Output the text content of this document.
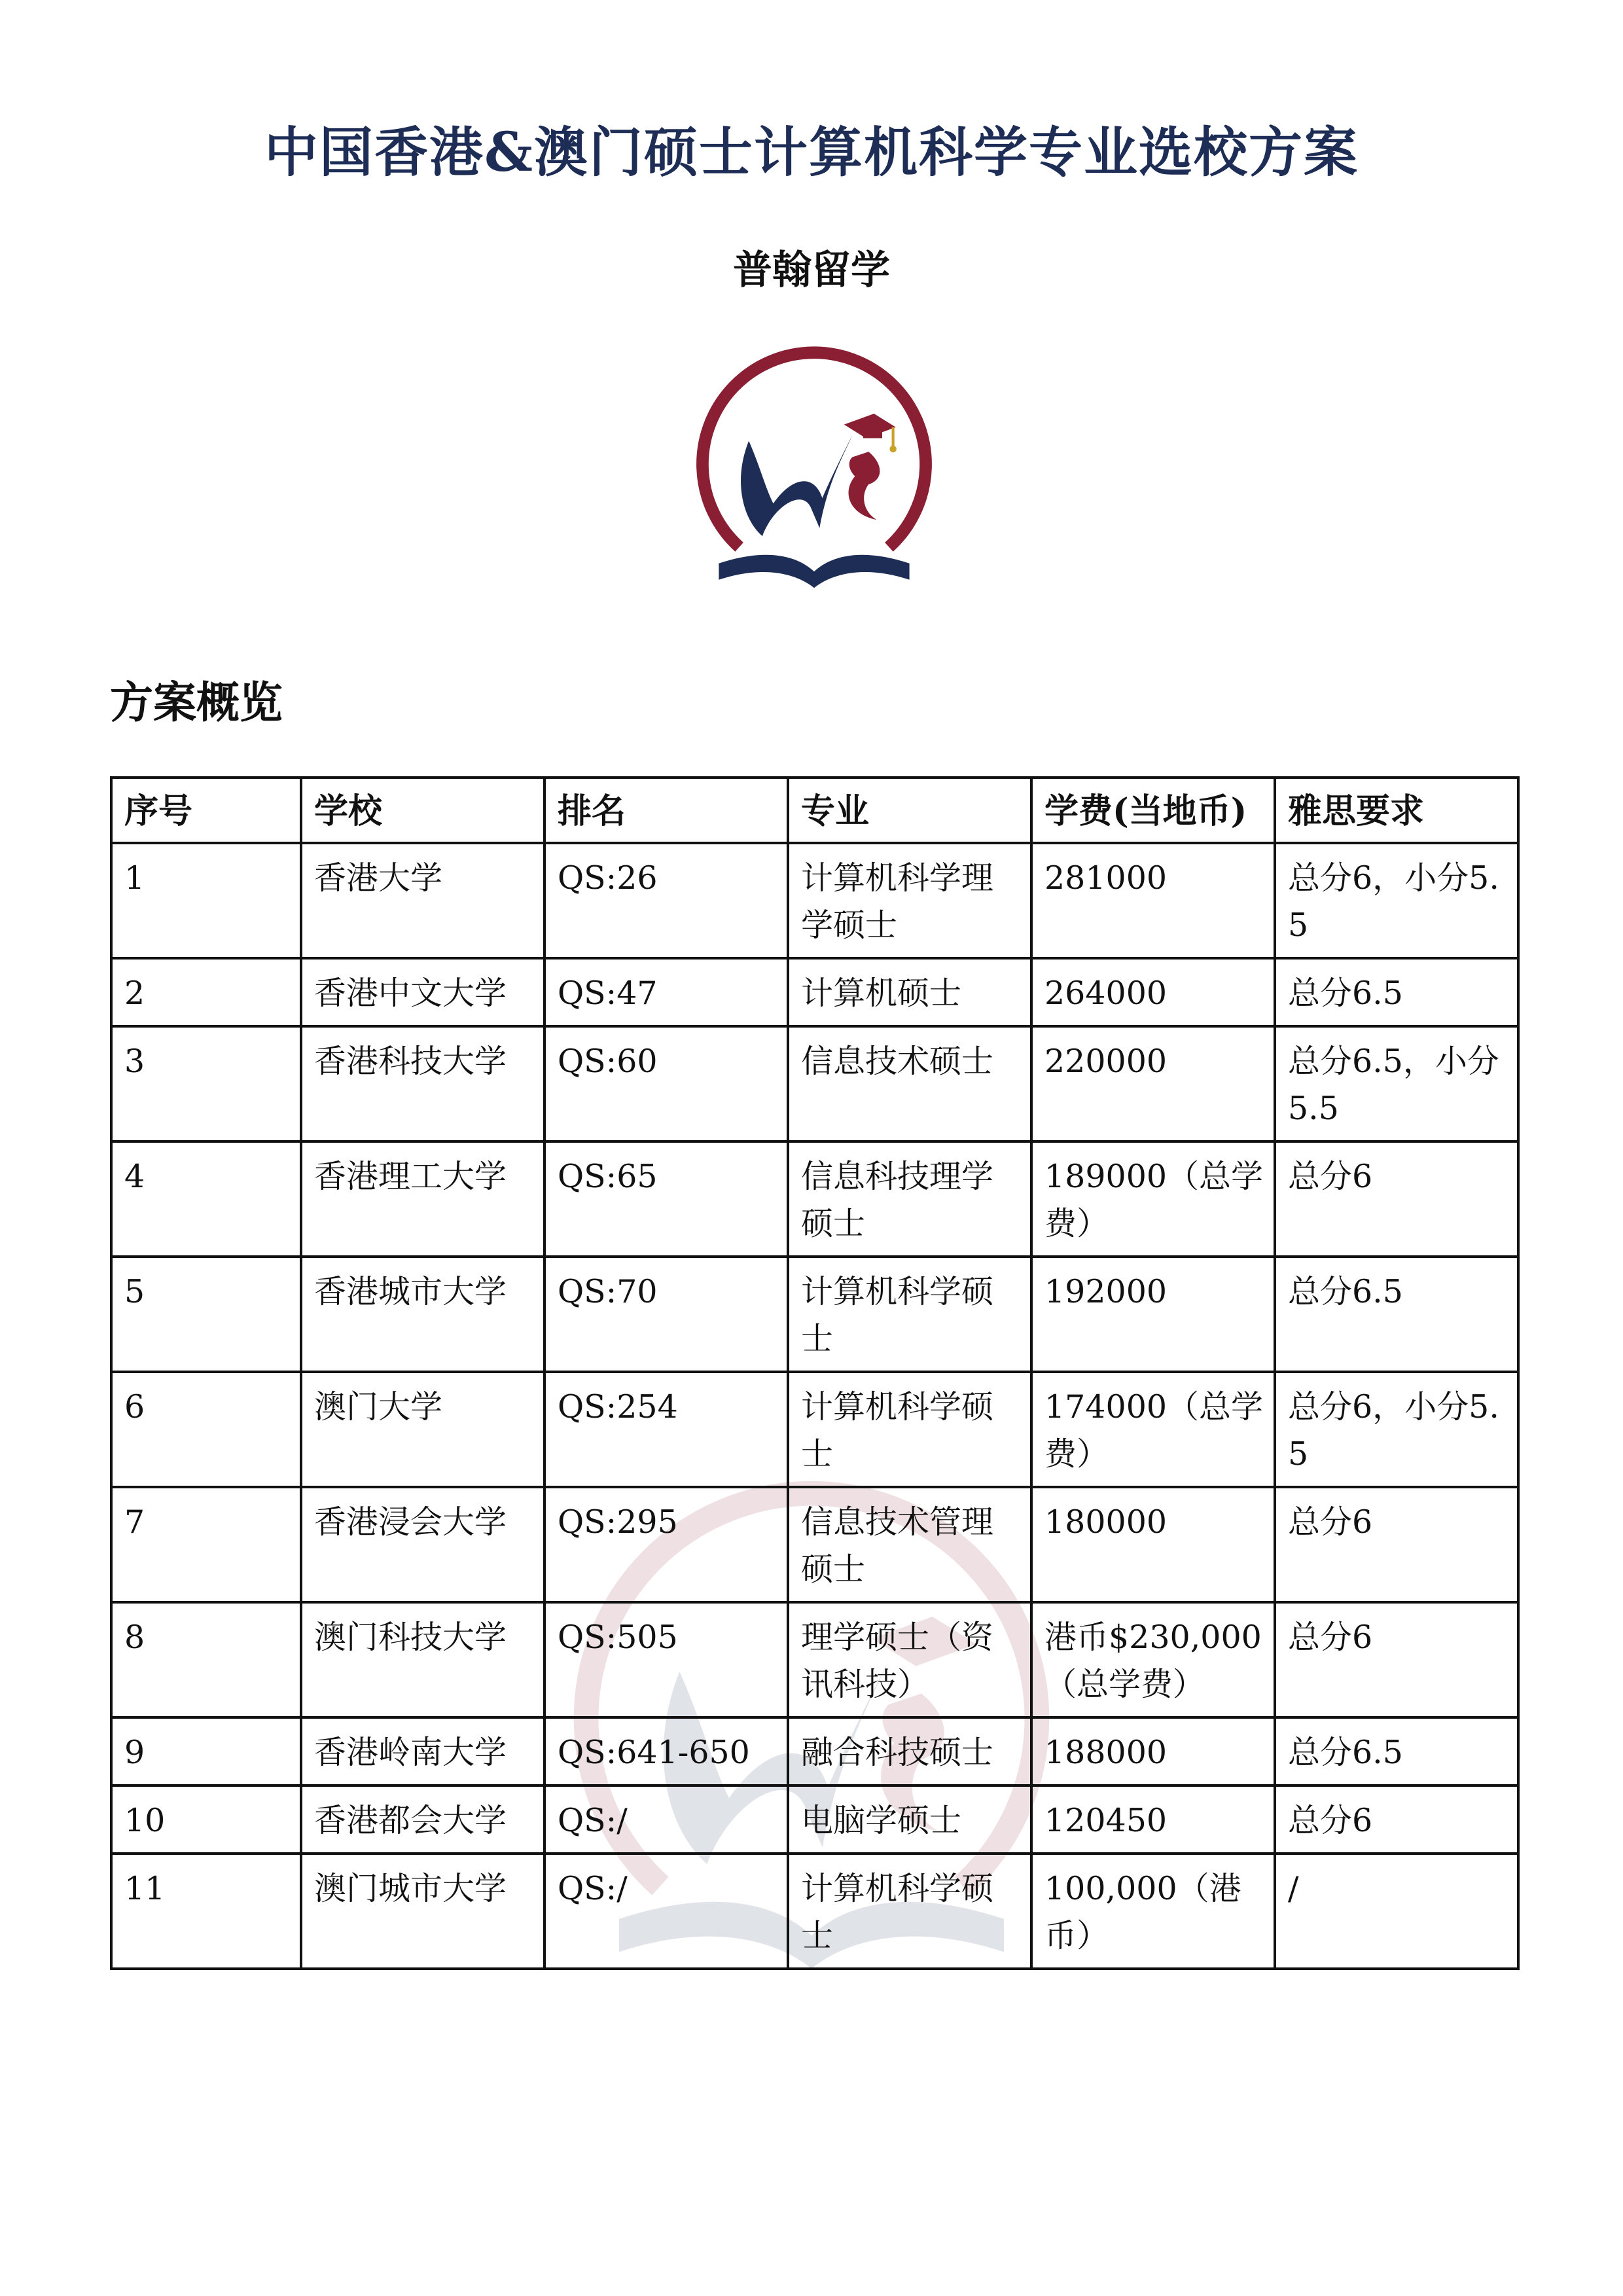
中国香港&澳门硕士计算机科学专业选校方案
普翰留学
方案概览
序号	学校	排名	专业	学费(当地币)	雅思要求
1	香港大学	QS:26	计算机科学理学硕士	281000	总分6，小分5.5
2	香港中文大学	QS:47	计算机硕士	264000	总分6.5
3	香港科技大学	QS:60	信息技术硕士	220000	总分6.5，小分5.5
4	香港理工大学	QS:65	信息科技理学硕士	189000（总学费）	总分6
5	香港城市大学	QS:70	计算机科学硕士	192000	总分6.5
6	澳门大学	QS:254	计算机科学硕士	174000（总学费）	总分6，小分5.5
7	香港浸会大学	QS:295	信息技术管理硕士	180000	总分6
8	澳门科技大学	QS:505	理学硕士（资讯科技）	港币$230,000（总学费）	总分6
9	香港岭南大学	QS:641-650	融合科技硕士	188000	总分6.5
10	香港都会大学	QS:/	电脑学硕士	120450	总分6
11	澳门城市大学	QS:/	计算机科学硕士	100,000（港币）	/
